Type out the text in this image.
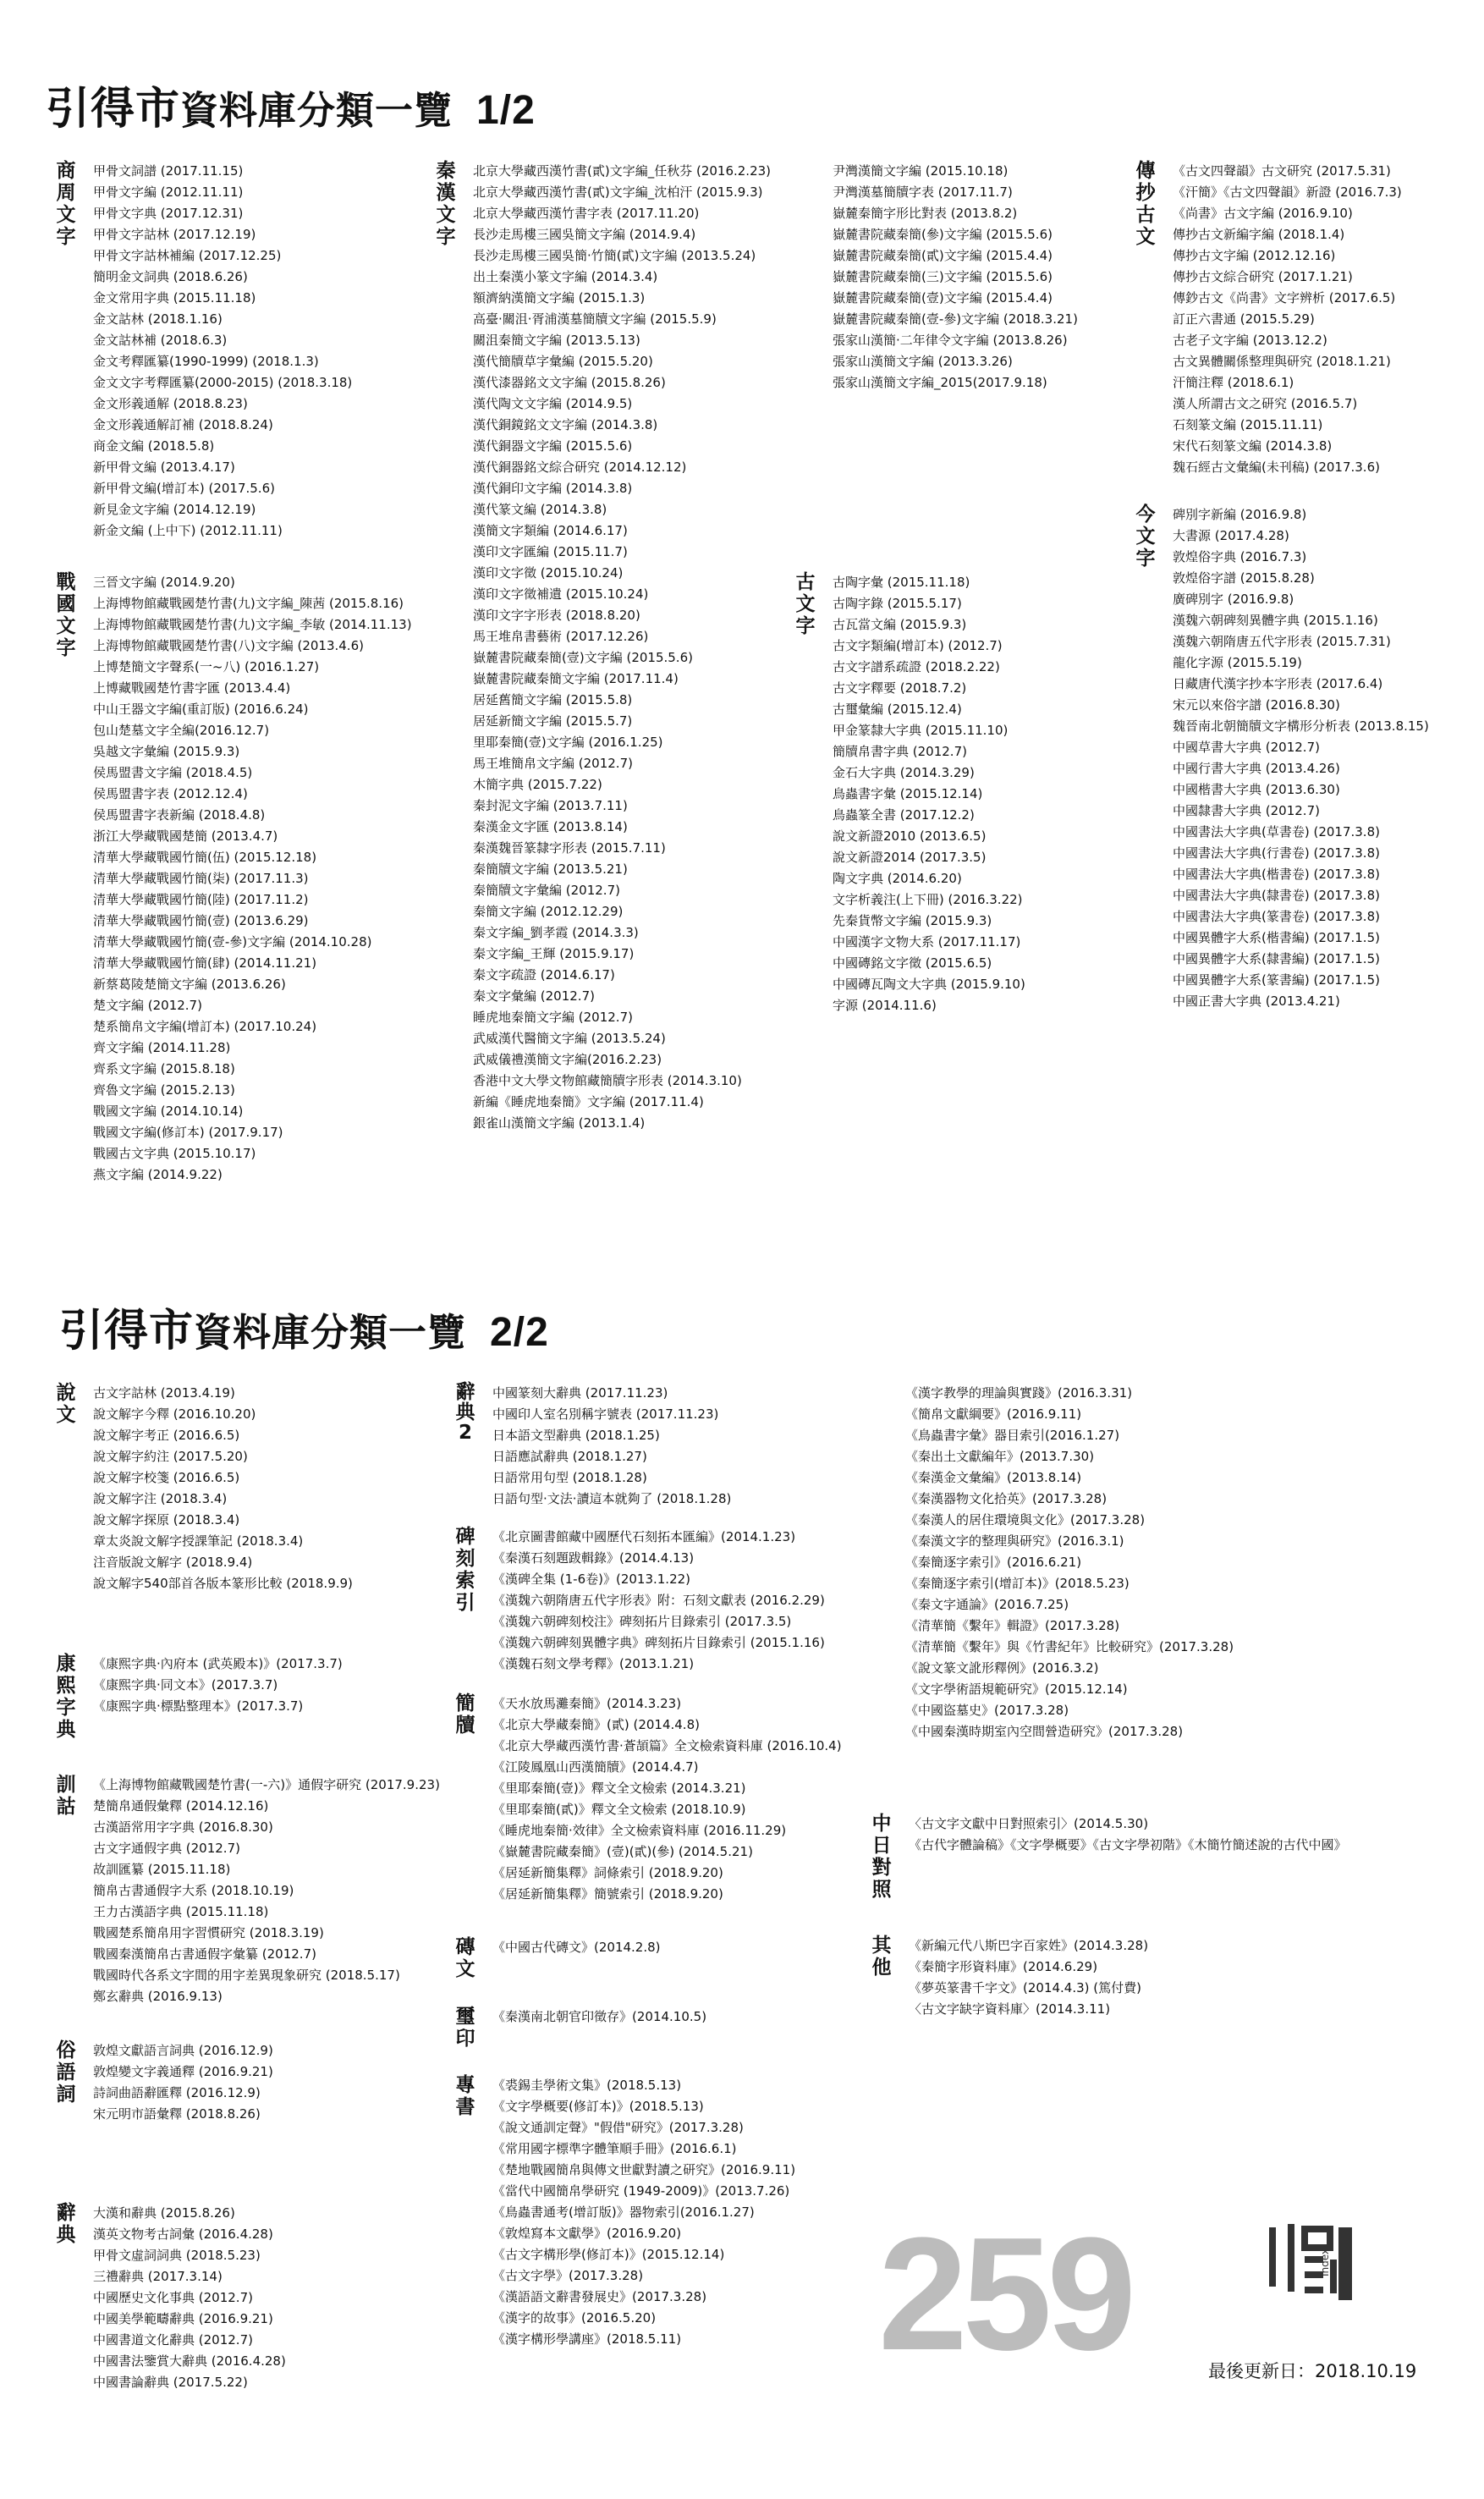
引得市資料庫分類一覽 1/2
引得市資料庫分類一覽 2/2
商周文字
甲骨文詞譜 (2017.11.15)
甲骨文字編 (2012.11.11)
甲骨文字典 (2017.12.31)
甲骨文字詁林 (2017.12.19)
甲骨文字詁林補編 (2017.12.25)
簡明金文詞典 (2018.6.26)
金文常用字典 (2015.11.18)
金文詁林 (2018.1.16)
金文詁林補 (2018.6.3)
金文考釋匯纂(1990-1999) (2018.1.3)
金文文字考釋匯纂(2000-2015) (2018.3.18)
金文形義通解 (2018.8.23)
金文形義通解訂補 (2018.8.24)
商金文編 (2018.5.8)
新甲骨文編 (2013.4.17)
新甲骨文編(增訂本) (2017.5.6)
新見金文字編 (2014.12.19)
新金文編 (上中下) (2012.11.11)
戰國文字
三晉文字編 (2014.9.20)
上海博物館藏戰國楚竹書(九)文字編_陳茜 (2015.8.16)
上海博物館藏戰國楚竹書(九)文字編_李敏 (2014.11.13)
上海博物館藏戰國楚竹書(八)文字編 (2013.4.6)
上博楚簡文字聲系(一~八) (2016.1.27)
上博藏戰國楚竹書字匯 (2013.4.4)
中山王器文字編(重訂版) (2016.6.24)
包山楚墓文字全編(2016.12.7)
吳越文字彙編 (2015.9.3)
侯馬盟書文字編 (2018.4.5)
侯馬盟書字表 (2012.12.4)
侯馬盟書字表新編 (2018.4.8)
浙江大學藏戰國楚簡 (2013.4.7)
清華大學藏戰國竹簡(伍) (2015.12.18)
清華大學藏戰國竹簡(柒) (2017.11.3)
清華大學藏戰國竹簡(陸) (2017.11.2)
清華大學藏戰國竹簡(壹) (2013.6.29)
清華大學藏戰國竹簡(壹-參)文字編 (2014.10.28)
清華大學藏戰國竹簡(肆) (2014.11.21)
新蔡葛陵楚簡文字編 (2013.6.26)
楚文字編 (2012.7)
楚系簡帛文字編(增訂本) (2017.10.24)
齊文字編 (2014.11.28)
齊系文字編 (2015.8.18)
齊魯文字編 (2015.2.13)
戰國文字編 (2014.10.14)
戰國文字編(修訂本) (2017.9.17)
戰國古文字典 (2015.10.17)
燕文字編 (2014.9.22)
秦漢文字
北京大學藏西漢竹書(貳)文字編_任秋芬 (2016.2.23)
北京大學藏西漢竹書(貳)文字編_沈柏汗 (2015.9.3)
北京大學藏西漢竹書字表 (2017.11.20)
長沙走馬樓三國吳簡文字編 (2014.9.4)
長沙走馬樓三國吳簡‧竹簡(貳)文字編 (2013.5.24)
出土秦漢小篆文字編 (2014.3.4)
額濟納漢簡文字編 (2015.1.3)
高臺‧關沮‧胥浦漢墓簡牘文字編 (2015.5.9)
關沮秦簡文字編 (2013.5.13)
漢代簡牘草字彙編 (2015.5.20)
漢代漆器銘文文字編 (2015.8.26)
漢代陶文文字編 (2014.9.5)
漢代銅鏡銘文文字編 (2014.3.8)
漢代銅器文字編 (2015.5.6)
漢代銅器銘文綜合研究 (2014.12.12)
漢代銅印文字編 (2014.3.8)
漢代篆文編 (2014.3.8)
漢簡文字類編 (2014.6.17)
漢印文字匯編 (2015.11.7)
漢印文字徵 (2015.10.24)
漢印文字徵補遺 (2015.10.24)
漢印文字字形表 (2018.8.20)
馬王堆帛書藝術 (2017.12.26)
嶽麓書院藏秦簡(壹)文字編 (2015.5.6)
嶽麓書院藏秦簡文字編 (2017.11.4)
居延舊簡文字編 (2015.5.8)
居延新簡文字編 (2015.5.7)
里耶秦簡(壹)文字編 (2016.1.25)
馬王堆簡帛文字編 (2012.7)
木簡字典 (2015.7.22)
秦封泥文字編 (2013.7.11)
秦漢金文字匯 (2013.8.14)
秦漢魏晉篆隸字形表 (2015.7.11)
秦簡牘文字編 (2013.5.21)
秦簡牘文字彙編 (2012.7)
秦簡文字編 (2012.12.29)
秦文字編_劉孝霞 (2014.3.3)
秦文字編_王輝 (2015.9.17)
秦文字疏證 (2014.6.17)
秦文字彙編 (2012.7)
睡虎地秦簡文字編 (2012.7)
武威漢代醫簡文字編 (2013.5.24)
武威儀禮漢簡文字編(2016.2.23)
香港中文大學文物館藏簡牘字形表 (2014.3.10)
新編《睡虎地秦簡》文字編 (2017.11.4)
銀雀山漢簡文字編 (2013.1.4)
尹灣漢簡文字編 (2015.10.18)
尹灣漢墓簡牘字表 (2017.11.7)
嶽麓秦簡字形比對表 (2013.8.2)
嶽麓書院藏秦簡(參)文字編 (2015.5.6)
嶽麓書院藏秦簡(貳)文字編 (2015.4.4)
嶽麓書院藏秦簡(三)文字編 (2015.5.6)
嶽麓書院藏秦簡(壹)文字編 (2015.4.4)
嶽麓書院藏秦簡(壹-參)文字編 (2018.3.21)
張家山漢簡‧二年律令文字編 (2013.8.26)
張家山漢簡文字編 (2013.3.26)
張家山漢簡文字編_2015(2017.9.18)
古文字
古陶字彙 (2015.11.18)
古陶字錄 (2015.5.17)
古瓦當文編 (2015.9.3)
古文字類編(增訂本) (2012.7)
古文字譜系疏證 (2018.2.22)
古文字釋要 (2018.7.2)
古璽彙編 (2015.12.4)
甲金篆隸大字典 (2015.11.10)
簡牘帛書字典 (2012.7)
金石大字典 (2014.3.29)
鳥蟲書字彙 (2015.12.14)
鳥蟲篆全書 (2017.12.2)
說文新證2010 (2013.6.5)
說文新證2014 (2017.3.5)
陶文字典 (2014.6.20)
文字析義注(上下冊) (2016.3.22)
先秦貨幣文字編 (2015.9.3)
中國漢字文物大系 (2017.11.17)
中國磚銘文字徵 (2015.6.5)
中國磚瓦陶文大字典 (2015.9.10)
字源 (2014.11.6)
傳抄古文
《古文四聲韻》古文研究 (2017.5.31)
《汗簡》《古文四聲韻》新證 (2016.7.3)
《尚書》古文字編 (2016.9.10)
傳抄古文新編字編 (2018.1.4)
傳抄古文字編 (2012.12.16)
傳抄古文綜合研究 (2017.1.21)
傳鈔古文《尚書》文字辨析 (2017.6.5)
訂正六書通 (2015.5.29)
古老子文字編 (2013.12.2)
古文異體關係整理與研究 (2018.1.21)
汗簡注釋 (2018.6.1)
漢人所謂古文之研究 (2016.5.7)
石刻篆文編 (2015.11.11)
宋代石刻篆文編 (2014.3.8)
魏石經古文彙編(未刊稿) (2017.3.6)
今文字
碑別字新編 (2016.9.8)
大書源 (2017.4.28)
敦煌俗字典 (2016.7.3)
敦煌俗字譜 (2015.8.28)
廣碑別字 (2016.9.8)
漢魏六朝碑刻異體字典 (2015.1.16)
漢魏六朝隋唐五代字形表 (2015.7.31)
龍化字源 (2015.5.19)
日藏唐代漢字抄本字形表 (2017.6.4)
宋元以來俗字譜 (2016.8.30)
魏晉南北朝簡牘文字構形分析表 (2013.8.15)
中國草書大字典 (2012.7)
中國行書大字典 (2013.4.26)
中國楷書大字典 (2013.6.30)
中國隸書大字典 (2012.7)
中國書法大字典(草書卷) (2017.3.8)
中國書法大字典(行書卷) (2017.3.8)
中國書法大字典(楷書卷) (2017.3.8)
中國書法大字典(隸書卷) (2017.3.8)
中國書法大字典(篆書卷) (2017.3.8)
中國異體字大系(楷書編) (2017.1.5)
中國異體字大系(隸書編) (2017.1.5)
中國異體字大系(篆書編) (2017.1.5)
中國正書大字典 (2013.4.21)
說文
古文字詁林 (2013.4.19)
說文解字今釋 (2016.10.20)
說文解字考正 (2016.6.5)
說文解字約注 (2017.5.20)
說文解字校箋 (2016.6.5)
說文解字注 (2018.3.4)
說文解字探原 (2018.3.4)
章太炎說文解字授課筆記 (2018.3.4)
注音版說文解字 (2018.9.4)
說文解字540部首各版本篆形比較 (2018.9.9)
康熙字典
《康熙字典‧內府本 (武英殿本)》(2017.3.7)
《康熙字典‧同文本》(2017.3.7)
《康熙字典‧標點整理本》(2017.3.7)
訓詁
《上海博物館藏戰國楚竹書(一-六)》通假字研究 (2017.9.23)
楚簡帛通假彙釋 (2014.12.16)
古漢語常用字字典 (2016.8.30)
古文字通假字典 (2012.7)
故訓匯纂 (2015.11.18)
簡帛古書通假字大系 (2018.10.19)
王力古漢語字典 (2015.11.18)
戰國楚系簡帛用字習慣研究 (2018.3.19)
戰國秦漢簡帛古書通假字彙纂 (2012.7)
戰國時代各系文字間的用字差異現象研究 (2018.5.17)
鄭玄辭典 (2016.9.13)
俗語詞
敦煌文獻語言詞典 (2016.12.9)
敦煌變文字義通釋 (2016.9.21)
詩詞曲語辭匯釋 (2016.12.9)
宋元明市語彙釋 (2018.8.26)
辭典
大漢和辭典 (2015.8.26)
漢英文物考古詞彙 (2016.4.28)
甲骨文虛詞詞典 (2018.5.23)
三禮辭典 (2017.3.14)
中國歷史文化事典 (2012.7)
中國美學範疇辭典 (2016.9.21)
中國書道文化辭典 (2012.7)
中國書法鑒賞大辭典 (2016.4.28)
中國書論辭典 (2017.5.22)
辭典2
中國篆刻大辭典 (2017.11.23)
中國印人室名別稱字號表 (2017.11.23)
日本語文型辭典 (2018.1.25)
日語應試辭典 (2018.1.27)
日語常用句型 (2018.1.28)
日語句型‧文法‧讀這本就夠了 (2018.1.28)
碑刻索引
《北京圖書館藏中國歷代石刻拓本匯編》(2014.1.23)
《秦漢石刻題跋輯錄》(2014.4.13)
《漢碑全集 (1-6卷)》(2013.1.22)
《漢魏六朝隋唐五代字形表》附：石刻文獻表 (2016.2.29)
《漢魏六朝碑刻校注》碑刻拓片目錄索引 (2017.3.5)
《漢魏六朝碑刻異體字典》碑刻拓片目錄索引 (2015.1.16)
《漢魏石刻文學考釋》(2013.1.21)
簡牘
《天水放馬灘秦簡》(2014.3.23)
《北京大學藏秦簡》(貳) (2014.4.8)
《北京大學藏西漢竹書‧蒼頡篇》全文檢索資料庫 (2016.10.4)
《江陵鳳凰山西漢簡牘》(2014.4.7)
《里耶秦簡(壹)》釋文全文檢索 (2014.3.21)
《里耶秦簡(貳)》釋文全文檢索 (2018.10.9)
《睡虎地秦簡‧效律》全文檢索資料庫 (2016.11.29)
《嶽麓書院藏秦簡》(壹)(貳)(參) (2014.5.21)
《居延新簡集釋》詞條索引 (2018.9.20)
《居延新簡集釋》簡號索引 (2018.9.20)
磚文
《中國古代磚文》(2014.2.8)
璽印
《秦漢南北朝官印徵存》(2014.10.5)
專書
《裘錫圭學術文集》(2018.5.13)
《文字學概要(修訂本)》(2018.5.13)
《說文通訓定聲》"假借"研究》(2017.3.28)
《常用國字標準字體筆順手冊》(2016.6.1)
《楚地戰國簡帛與傳文世獻對讀之研究》(2016.9.11)
《當代中國簡帛學研究 (1949-2009)》(2013.7.26)
《鳥蟲書通考(增訂版)》器物索引(2016.1.27)
《敦煌寫本文獻學》(2016.9.20)
《古文字構形學(修訂本)》(2015.12.14)
《古文字學》(2017.3.28)
《漢語語文辭書發展史》(2017.3.28)
《漢字的故事》(2016.5.20)
《漢字構形學講座》(2018.5.11)
《漢字教學的理論與實踐》(2016.3.31)
《簡帛文獻綱要》(2016.9.11)
《鳥蟲書字彙》器目索引(2016.1.27)
《秦出土文獻編年》(2013.7.30)
《秦漢金文彙編》(2013.8.14)
《秦漢器物文化拾英》(2017.3.28)
《秦漢人的居住環境與文化》(2017.3.28)
《秦漢文字的整理與研究》(2016.3.1)
《秦簡逐字索引》(2016.6.21)
《秦簡逐字索引(增訂本)》(2018.5.23)
《秦文字通論》(2016.7.25)
《清華簡《繫年》輯證》(2017.3.28)
《清華簡《繫年》與《竹書紀年》比較研究》(2017.3.28)
《說文篆文訛形釋例》(2016.3.2)
《文字學術語規範研究》(2015.12.14)
《中國盜墓史》(2017.3.28)
《中國秦漢時期室內空間營造研究》(2017.3.28)
中日對照
〈古文字文獻中日對照索引〉(2014.5.30)
《古代字體論稿》《文字學概要》《古文字學初階》《木簡竹簡述說的古代中國》
其他
《新編元代八斯巴字百家姓》(2014.3.28)
《秦簡字形資料庫》(2014.6.29)
《夢英篆書千字文》(2014.4.3) (篤付費)
〈古文字缺字資料庫〉(2014.3.11)
Index
259	最後更新日：2018.10.19
